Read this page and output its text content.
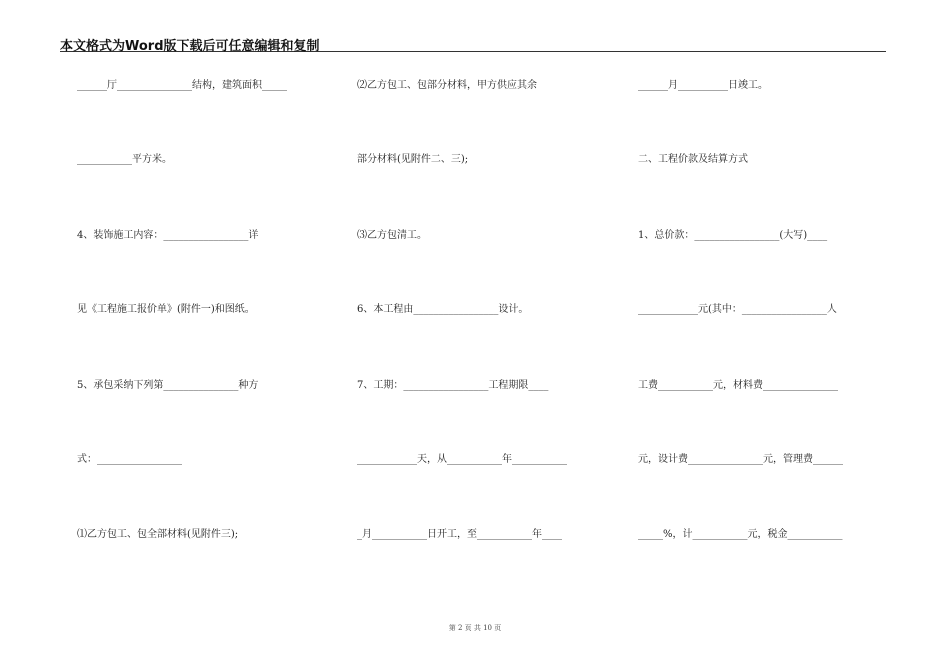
本文格式为Word版下载后可任意编辑和复制
______厅_______________结构，建筑面积_____
___________平方米。
4、装饰施工内容：_________________详
见《工程施工报价单》(附件一)和图纸。
5、承包采纳下列第_______________种方
式：_________________
⑴乙方包工、包全部材料(见附件三);
⑵乙方包工、包部分材料，甲方供应其余
部分材料(见附件二、三);
⑶乙方包清工。
6、本工程由_________________设计。
7、工期：_________________工程期限____
____________天，从___________年___________
_月___________日开工，至___________年____
______月__________日竣工。
二、工程价款及结算方式
1、总价款：_________________(大写)____
____________元(其中：_________________人
工费___________元，材料费_______________
元，设计费_______________元，管理费______
_____%，计___________元，税金___________
第 2 页 共 10 页
